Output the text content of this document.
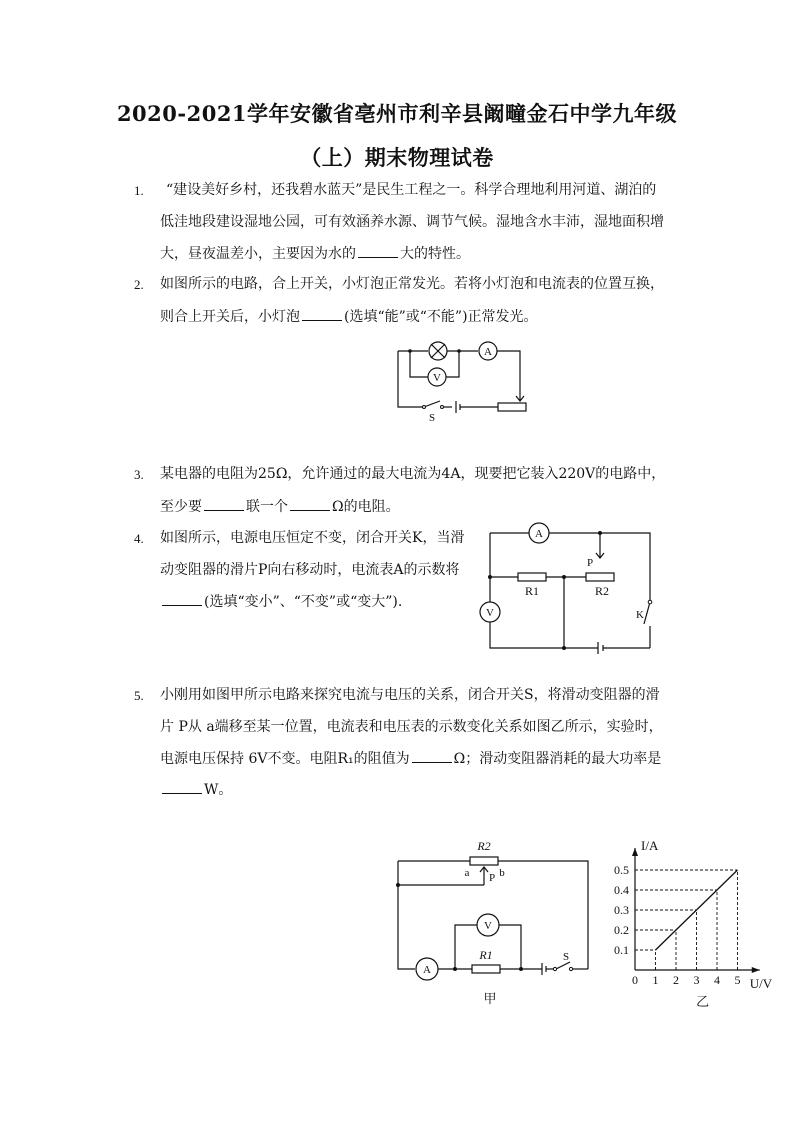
2020-2021学年安徽省亳州市利辛县阚疃金石中学九年级
（上）期末物理试卷
1. “建设美好乡村，还我碧水蓝天”是民生工程之一。科学合理地利用河道、湖泊的
低洼地段建设湿地公园，可有效涵养水源、调节气候。湿地含水丰沛，湿地面积增
大，昼夜温差小，主要因为水的	大的特性。
2. 如图所示的电路，合上开关，小灯泡正常发光。若将小灯泡和电流表的位置互换，
则合上开关后，小灯泡	(选填“能”或“不能”)正常发光。
A
V
S
3. 某电器的电阻为25Ω，允许通过的最大电流为4A，现要把它装入220V的电路中，
至少要	联一个	Ω的电阻。
4. 如图所示，电源电压恒定不变，闭合开关K，当滑
动变阻器的滑片P向右移动时，电流表A的示数将
(选填“变小”、“不变”或“变大”).
A
V
R1	R2
P
K
5. 小刚用如图甲所示电路来探究电流与电压的关系，闭合开关S，将滑动变阻器的滑
片 P从 a端移至某一位置，电流表和电压表的示数变化关系如图乙所示，实验时，
电源电压保持 6V不变。电阻R₁的阻值为	Ω；滑动变阻器消耗的最大功率是
W。
R2
a P b
V
R1
A
S
甲
I/A
U/V
0 1 2 3 4 5
0.1
0.2
0.3
0.4
0.5
乙
